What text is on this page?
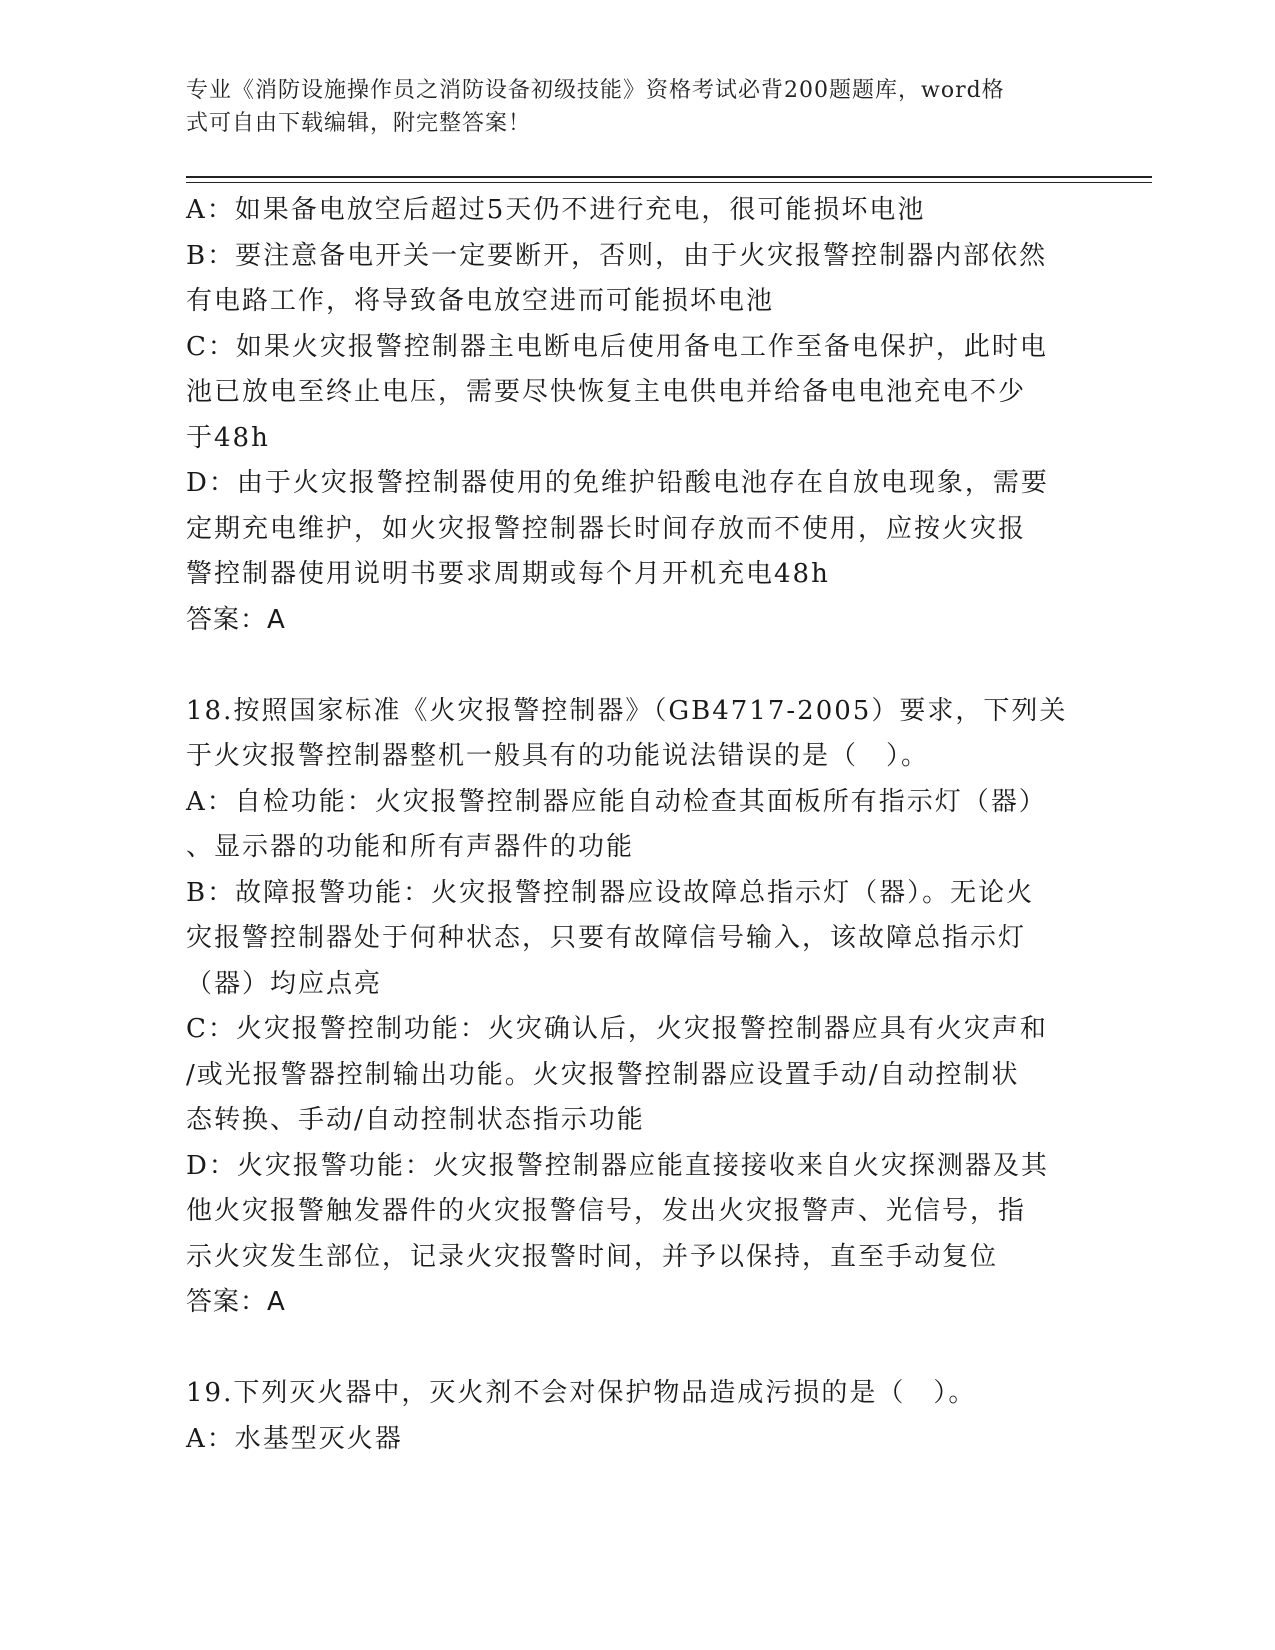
专业《消防设施操作员之消防设备初级技能》资格考试必背200题题库，word格
式可自由下载编辑，附完整答案！

A：如果备电放空后超过5天仍不进行充电，很可能损坏电池

B：要注意备电开关一定要断开，否则，由于火灾报警控制器内部依然

有电路工作，将导致备电放空进而可能损坏电池

C：如果火灾报警控制器主电断电后使用备电工作至备电保护，此时电

池已放电至终止电压，需要尽快恢复主电供电并给备电电池充电不少

于48h

D：由于火灾报警控制器使用的免维护铅酸电池存在自放电现象，需要

定期充电维护，如火灾报警控制器长时间存放而不使用，应按火灾报

警控制器使用说明书要求周期或每个月开机充电48h

答案：A

18.按照国家标准《火灾报警控制器》（GB4717-2005）要求，下列关

于火灾报警控制器整机一般具有的功能说法错误的是（　）。

A：自检功能：火灾报警控制器应能自动检查其面板所有指示灯（器）

、显示器的功能和所有声器件的功能

B：故障报警功能：火灾报警控制器应设故障总指示灯（器）。无论火

灾报警控制器处于何种状态，只要有故障信号输入，该故障总指示灯

（器）均应点亮

C：火灾报警控制功能：火灾确认后，火灾报警控制器应具有火灾声和

/或光报警器控制输出功能。火灾报警控制器应设置手动/自动控制状

态转换、手动/自动控制状态指示功能

D：火灾报警功能：火灾报警控制器应能直接接收来自火灾探测器及其

他火灾报警触发器件的火灾报警信号，发出火灾报警声、光信号，指

示火灾发生部位，记录火灾报警时间，并予以保持，直至手动复位

答案：A

19.下列灭火器中，灭火剂不会对保护物品造成污损的是（　）。

A：水基型灭火器
